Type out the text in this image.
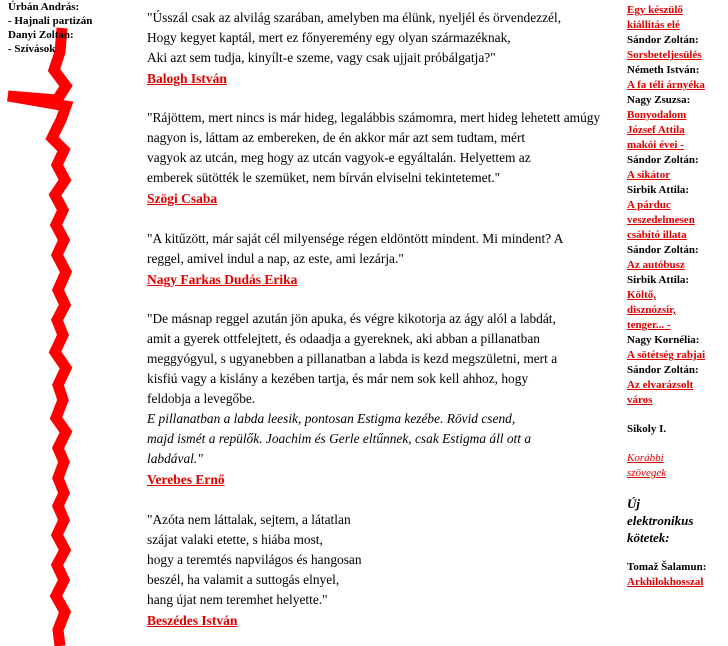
Úrbán András:
- Hajnali partizán
Danyi Zoltán:
- Szívások

"Ússzál csak az alvilág szarában, amelyben ma élünk, nyeljél és örvendezzél,

Hogy kegyet kaptál, mert ez főnyeremény egy olyan származéknak,

Aki azt sem tudja, kinyílt-e szeme, vagy csak ujjait próbálgatja?"

Balogh István

"Rájöttem, mert nincs is már hideg, legalábbis számomra, mert hideg lehetett amúgy

nagyon is, láttam az embereken, de én akkor már azt sem tudtam, mért

vagyok az utcán, meg hogy az utcán vagyok-e egyáltalán. Helyettem az

emberek sütötték le szemüket, nem bírván elviselni tekintetemet."

Szögi Csaba

"A kitűzött, már saját cél milyensége régen eldöntött mindent. Mi mindent? A

reggel, amivel indul a nap, az este, ami lezárja."

Nagy Farkas Dudás Erika

"De másnap reggel azután jön apuka, és végre kikotorja az ágy alól a labdát,

amit a gyerek ottfelejtett, és odaadja a gyereknek, aki abban a pillanatban

meggyógyul, s ugyanebben a pillanatban a labda is kezd megszületni, mert a

kisfiú vagy a kislány a kezében tartja, és már nem sok kell ahhoz, hogy

feldobja a levegőbe.

E pillanatban a labda leesik, pontosan Estigma kezébe. Rövid csend,

majd ismét a repülők. Joachim és Gerle eltűnnek, csak Estigma áll ott a

labdával."

Verebes Ernő

"Azóta nem láttalak, sejtem, a látatlan

szájat valaki etette, s hiába most,

hogy a teremtés napvilágos és hangosan

beszél, ha valamit a suttogás elnyel,

hang újat nem teremhet helyette."

Beszédes István
Egy készülő
kiállítás elé
Sándor Zoltán:
Sorsbeteljesülés
Németh István:
A fa téli árnyéka
Nagy Zsuzsa:
Bonyodalom
József Attila
makói évei -
Sándor Zoltán:
A sikátor
Sirbik Attila:
A párduc
veszedelmesen
csábító illata
Sándor Zoltán:
Az autóbusz
Sirbik Attila:
Költő,
disznózsír,
tenger... -
Nagy Kornélia:
A sötétség rabjai
Sándor Zoltán:
Az elvarázsolt
város
Sikoly I.
Korábbi
szövegek
Új
elektronikus
kötetek:
Tomaž Šalamun:
Arkhilokhosszal
